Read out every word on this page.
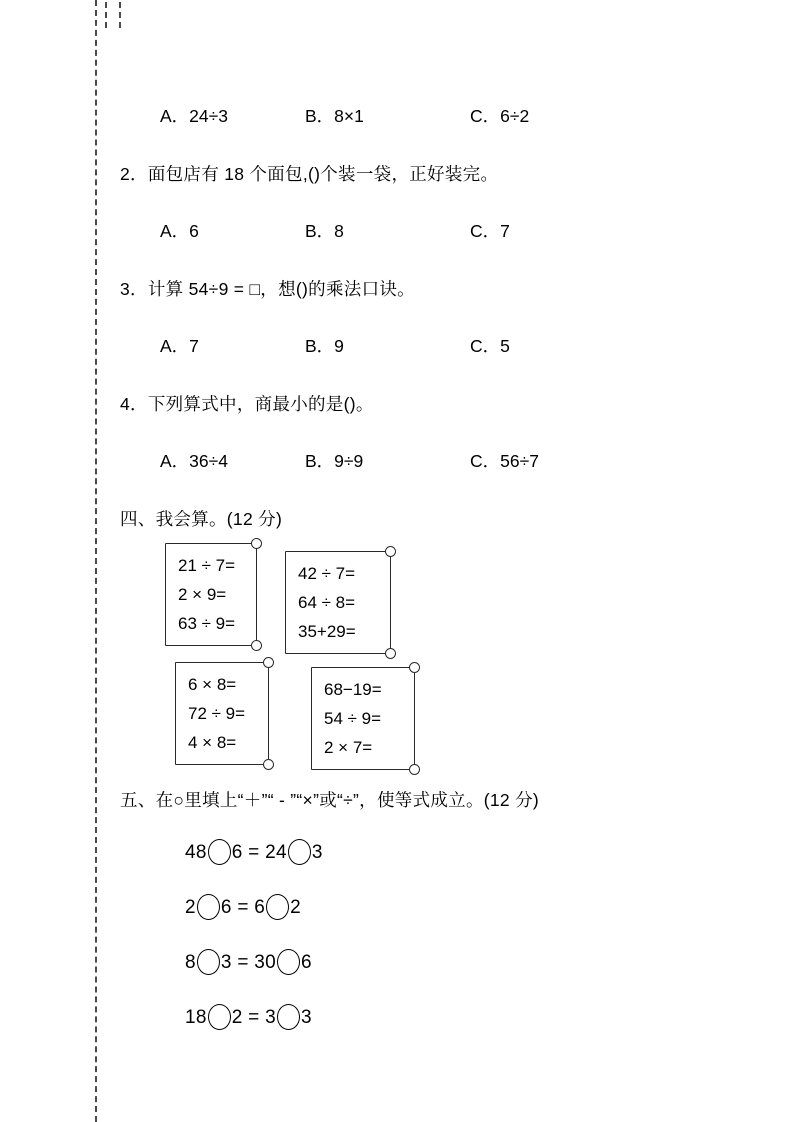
A．24÷3	B．8×1	C．6÷2
2．面包店有 18 个面包,()个装一袋，正好装完。
A．6	B．8	C．7
3．计算 54÷9 = □，想()的乘法口诀。
A．7	B．9	C．5
4．下列算式中，商最小的是()。
A．36÷4	B．9÷9	C．56÷7
四、我会算。(12 分)
21 ÷ 7=
2 × 9=
63 ÷ 9=
42 ÷ 7=
64 ÷ 8=
35+29=
6 × 8=
72 ÷ 9=
4 × 8=
68−19=
54 ÷ 9=
2 × 7=
五、在○里填上“＋”“ - ”“×”或“÷”，使等式成立。(12 分)
48 6 = 24 3
2 6 = 6 2
8 3 = 30 6
18 2 = 3 3
